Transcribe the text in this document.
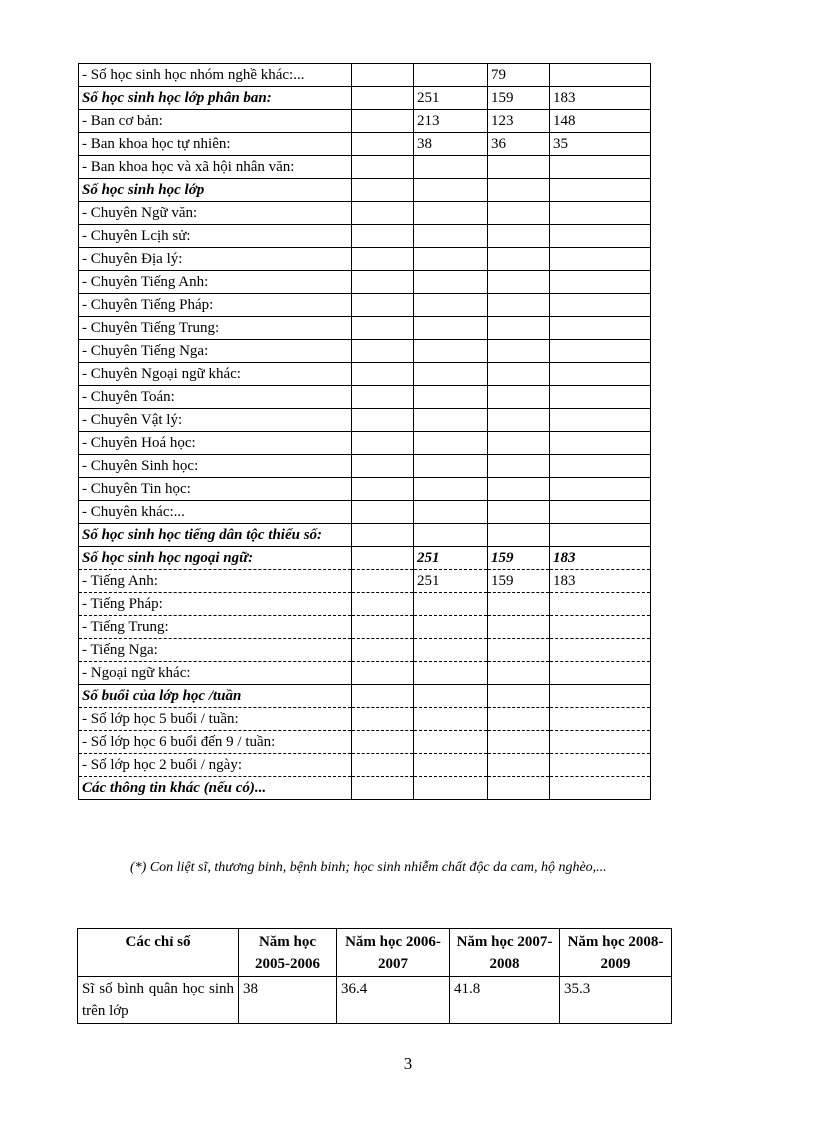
- Số học sinh học nhóm nghề khác:...			79	
Số học sinh học lớp phân ban:		251	159	183
- Ban cơ bản:		213	123	148
- Ban khoa học tự nhiên:		38	36	35
- Ban khoa học và xã hội nhân văn:				
Số học sinh học lớp				
- Chuyên Ngữ văn:				
- Chuyên Lcịh sử:				
- Chuyên Địa lý:				
- Chuyên Tiếng Anh:				
- Chuyên Tiếng Pháp:				
- Chuyên Tiếng Trung:				
- Chuyên Tiếng Nga:				
- Chuyên Ngoại ngữ khác:				
- Chuyên Toán:				
- Chuyên Vật lý:				
- Chuyên Hoá học:				
- Chuyên Sinh học:				
- Chuyên Tin học:				
- Chuyên khác:...				
Số học sinh học tiếng dân tộc thiểu số:				
Số học sinh học ngoại ngữ:		251	159	183
- Tiếng Anh:		251	159	183
- Tiếng Pháp:				
- Tiếng Trung:				
- Tiếng Nga:				
- Ngoại ngữ khác:				
Số buổi của lớp học /tuần				
- Số lớp học 5 buổi / tuần:				
- Số lớp học 6 buổi đến 9 / tuần:				
- Số lớp học 2 buổi / ngày:				
Các thông tin khác (nếu có)...				
(*) Con liệt sĩ, thương binh, bệnh binh; học sinh nhiễm chất độc da cam, hộ nghèo,...
Các chỉ số	Năm học 2005-2006	Năm học 2006-2007	Năm học 2007-2008	Năm học 2008-2009
Sĩ số bình quân học sinh trên lớp	38	36.4	41.8	35.3
3
